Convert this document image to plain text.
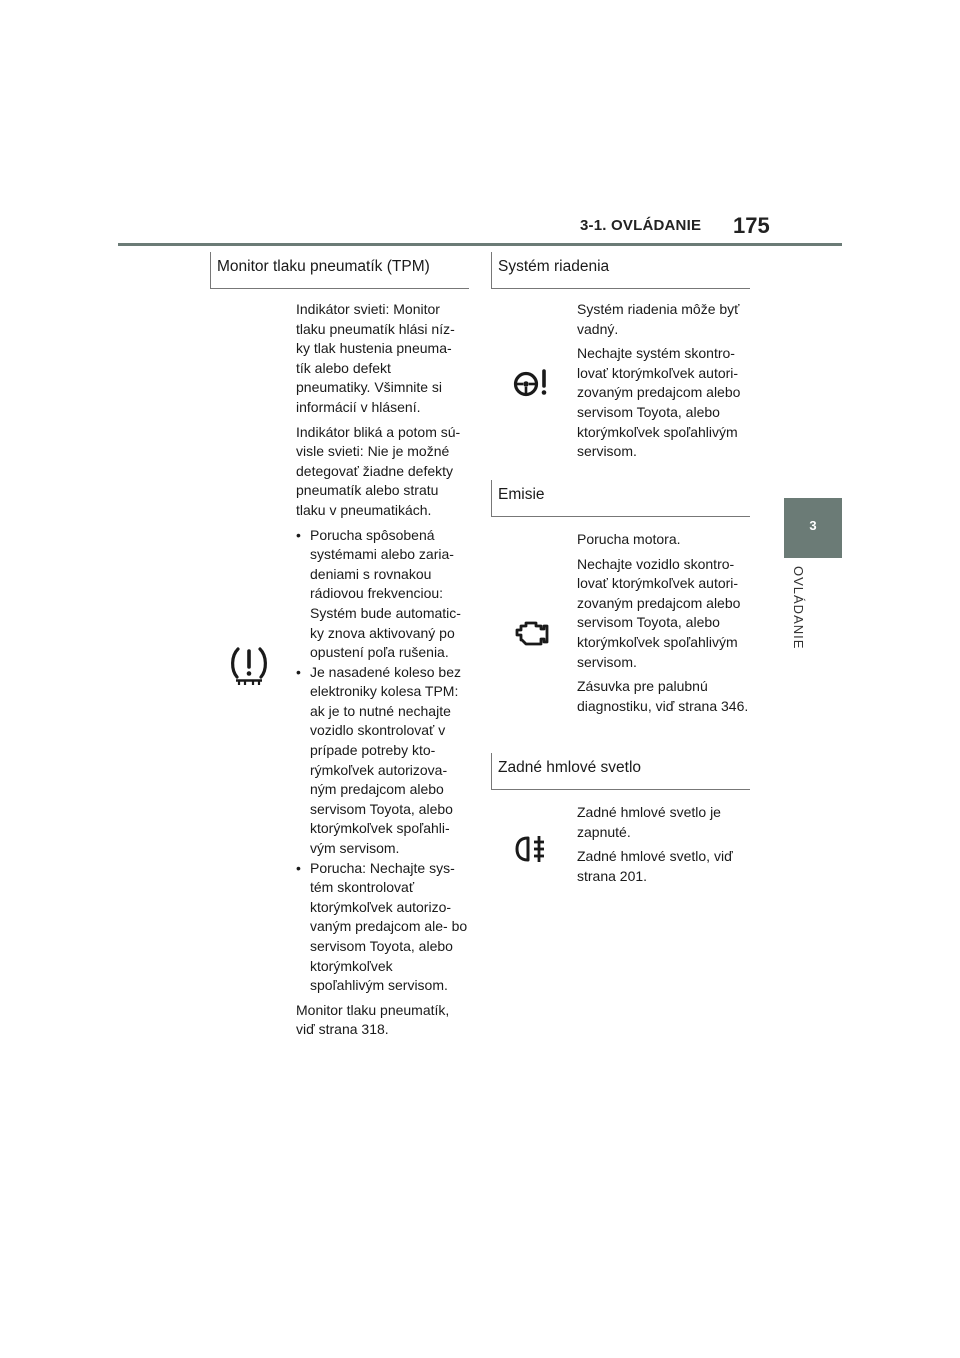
3-1. OVLÁDANIE 175
3
OVLÁDANIE
Monitor tlaku pneumatík (TPM)

Indikátor svieti: Monitor tlaku pneumatík hlási níz- ky tlak hustenia pneuma- tík alebo defekt pneumatiky. Všimnite si informácií v hlásení.

Indikátor bliká a potom sú- visle svieti: Nie je možné detegovať žiadne defekty pneumatík alebo stratu tlaku v pneumatikách.

• Porucha spôsobená systémami alebo zaria- deniami s rovnakou rádiovou frekvenciou: Systém bude automatic- ky znova aktivovaný po opustení poľa rušenia.
• Je nasadené koleso bez elektroniky kolesa TPM: ak je to nutné nechajte vozidlo skontrolovať v prípade potreby kto- rýmkoľvek autorizova- ným predajcom alebo servisom Toyota, alebo ktorýmkoľvek spoľahli- vým servisom.
• Porucha: Nechajte sys- tém skontrolovať ktorýmkoľvek autorizo- vaným predajcom ale- bo servisom Toyota, alebo ktorýmkoľvek spoľahlivým servisom.

Monitor tlaku pneumatík, viď strana 318.

Systém riadenia

Systém riadenia môže byť vadný.

Nechajte systém skontro- lovať ktorýmkoľvek autori- zovaným predajcom alebo servisom Toyota, alebo ktorýmkoľvek spoľahlivým servisom.

Emisie

Porucha motora.

Nechajte vozidlo skontro- lovať ktorýmkoľvek autori- zovaným predajcom alebo servisom Toyota, alebo ktorýmkoľvek spoľahlivým servisom.

Zásuvka pre palubnú diagnostiku, viď strana 346.

Zadné hmlové svetlo

Zadné hmlové svetlo je zapnuté.

Zadné hmlové svetlo, viď strana 201.
